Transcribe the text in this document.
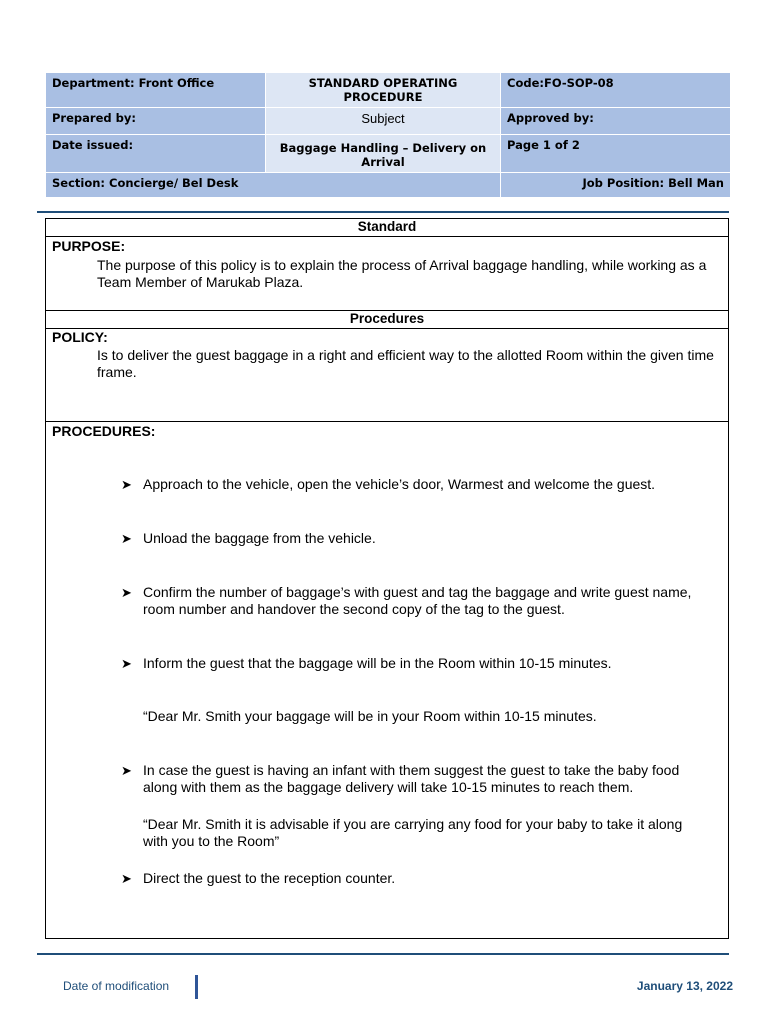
Department: Front Office	STANDARD OPERATING PROCEDURE	Code:FO-SOP-08
Prepared by:	Subject	Approved by:
Date issued:	Baggage Handling – Delivery on Arrival	Page 1 of 2
Section: Concierge/ Bel Desk		Job Position: Bell Man
Standard
PURPOSE:
The purpose of this policy is to explain the process of Arrival baggage handling, while working as a Team Member of Marukab Plaza.
Procedures
POLICY:
Is to deliver the guest baggage in a right and efficient way to the allotted Room within the given time frame.
PROCEDURES:
➤ Approach to the vehicle, open the vehicle’s door, Warmest and welcome the guest.
➤ Unload the baggage from the vehicle.
➤ Confirm the number of baggage’s with guest and tag the baggage and write guest name, room number and handover the second copy of the tag to the guest.
➤ Inform the guest that the baggage will be in the Room within 10-15 minutes.
“Dear Mr. Smith your baggage will be in your Room within 10-15 minutes.
➤ In case the guest is having an infant with them suggest the guest to take the baby food along with them as the baggage delivery will take 10-15 minutes to reach them.
“Dear Mr. Smith it is advisable if you are carrying any food for your baby to take it along with you to the Room”
➤ Direct the guest to the reception counter.
Date of modification	January 13, 2022
